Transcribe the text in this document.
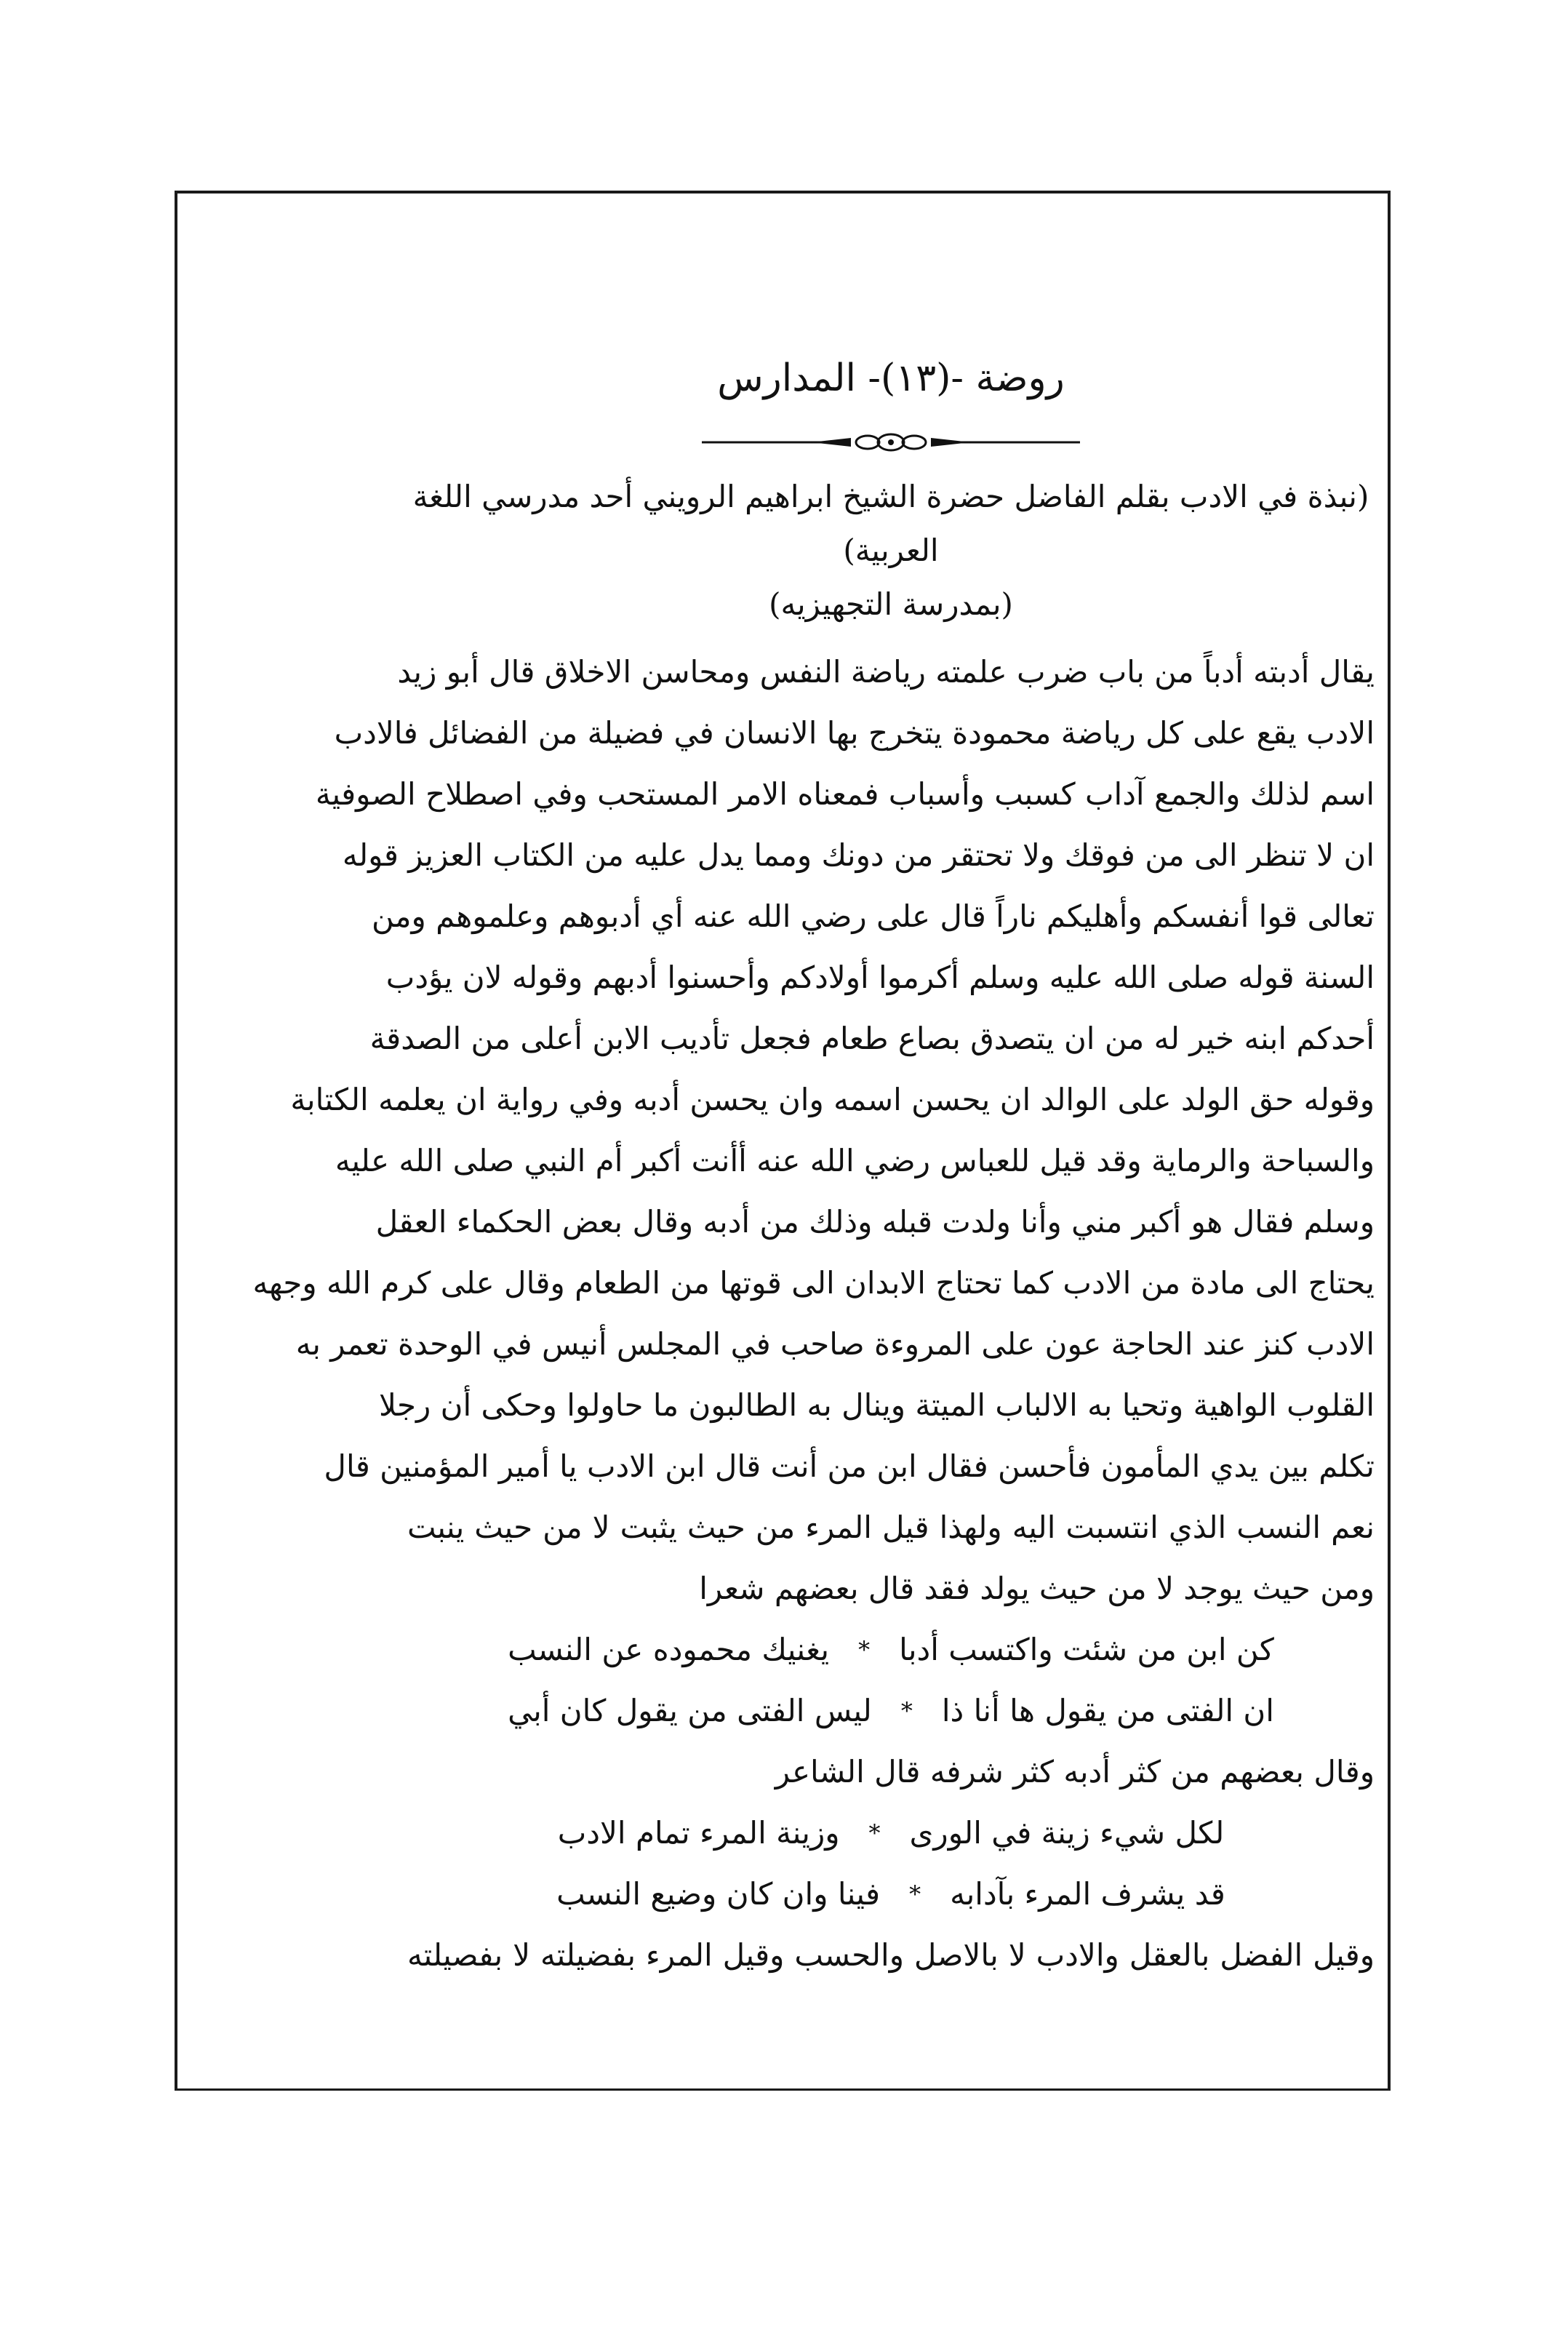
روضة -(١٣)- المدارس
(نبذة في الادب بقلم الفاضل حضرة الشيخ ابراهيم الرويني أحد مدرسي اللغة العربية)
(بمدرسة التجهيزيه)
يقال أدبته أدباً من باب ضرب علمته رياضة النفس ومحاسن الاخلاق قال أبو زيد
الادب يقع على كل رياضة محمودة يتخرج بها الانسان في فضيلة من الفضائل فالادب
اسم لذلك والجمع آداب كسبب وأسباب فمعناه الامر المستحب وفي اصطلاح الصوفية
ان لا تنظر الى من فوقك ولا تحتقر من دونك ومما يدل عليه من الكتاب العزيز قوله
تعالى قوا أنفسكم وأهليكم ناراً قال على رضي الله عنه أي أدبوهم وعلموهم ومن
السنة قوله صلى الله عليه وسلم أكرموا أولادكم وأحسنوا أدبهم وقوله لان يؤدب
أحدكم ابنه خير له من ان يتصدق بصاع طعام فجعل تأديب الابن أعلى من الصدقة
وقوله حق الولد على الوالد ان يحسن اسمه وان يحسن أدبه وفي رواية ان يعلمه الكتابة
والسباحة والرماية وقد قيل للعباس رضي الله عنه أأنت أكبر أم النبي صلى الله عليه
وسلم فقال هو أكبر مني وأنا ولدت قبله وذلك من أدبه وقال بعض الحكماء العقل
يحتاج الى مادة من الادب كما تحتاج الابدان الى قوتها من الطعام وقال على كرم الله وجهه
الادب كنز عند الحاجة عون على المروءة صاحب في المجلس أنيس في الوحدة تعمر به
القلوب الواهية وتحيا به الالباب الميتة وينال به الطالبون ما حاولوا وحكى أن رجلا
تكلم بين يدي المأمون فأحسن فقال ابن من أنت قال ابن الادب يا أمير المؤمنين قال
نعم النسب الذي انتسبت اليه ولهذا قيل المرء من حيث يثبت لا من حيث ينبت
ومن حيث يوجد لا من حيث يولد فقد قال بعضهم شعرا
كن ابن من شئت واكتسب أدبا
*
يغنيك محموده عن النسب
ان الفتى من يقول ها أنا ذا
*
ليس الفتى من يقول كان أبي
وقال بعضهم من كثر أدبه كثر شرفه قال الشاعر
لكل شيء زينة في الورى
*
وزينة المرء تمام الادب
قد يشرف المرء بآدابه
*
فينا وان كان وضيع النسب
وقيل الفضل بالعقل والادب لا بالاصل والحسب وقيل المرء بفضيلته لا بفصيلته
